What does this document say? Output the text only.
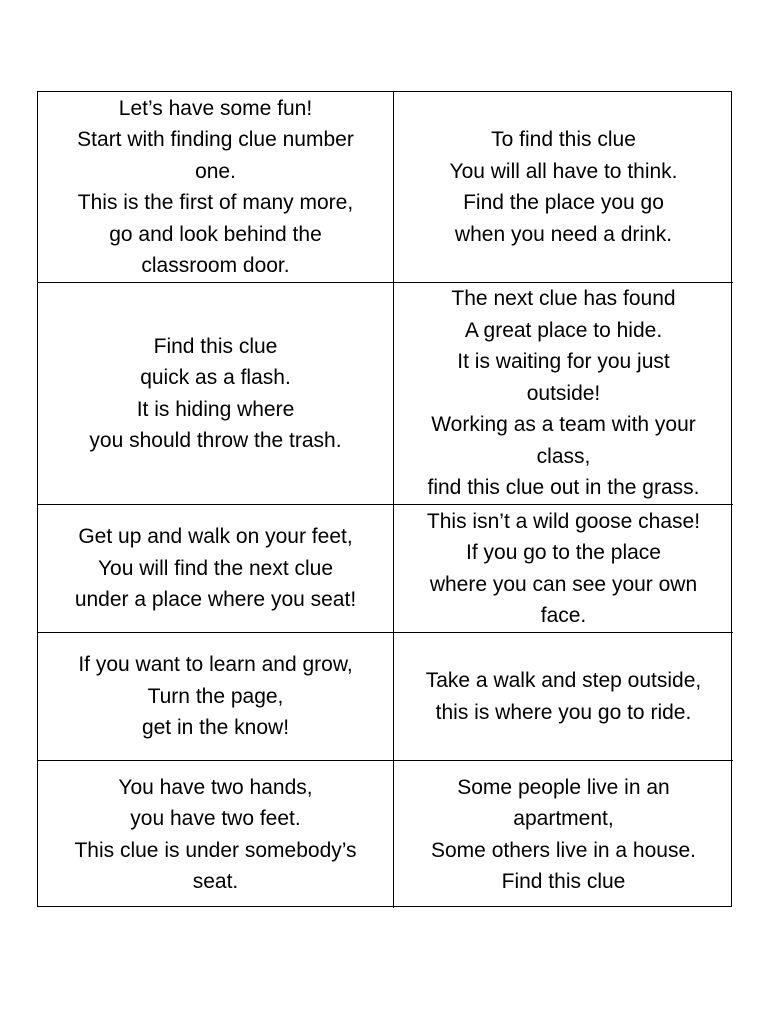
Let’s have some fun!
Start with finding clue number
one.
This is the first of many more,
go and look behind the
classroom door.
To find this clue
You will all have to think.
Find the place you go
when you need a drink.
Find this clue
quick as a flash.
It is hiding where
you should throw the trash.
The next clue has found
A great place to hide.
It is waiting for you just
outside!
Working as a team with your
class,
find this clue out in the grass.
Get up and walk on your feet,
You will find the next clue
under a place where you seat!
This isn’t a wild goose chase!
If you go to the place
where you can see your own
face.
If you want to learn and grow,
Turn the page,
get in the know!
Take a walk and step outside,
this is where you go to ride.
You have two hands,
you have two feet.
This clue is under somebody’s
seat.
Some people live in an
apartment,
Some others live in a house.
Find this clue
